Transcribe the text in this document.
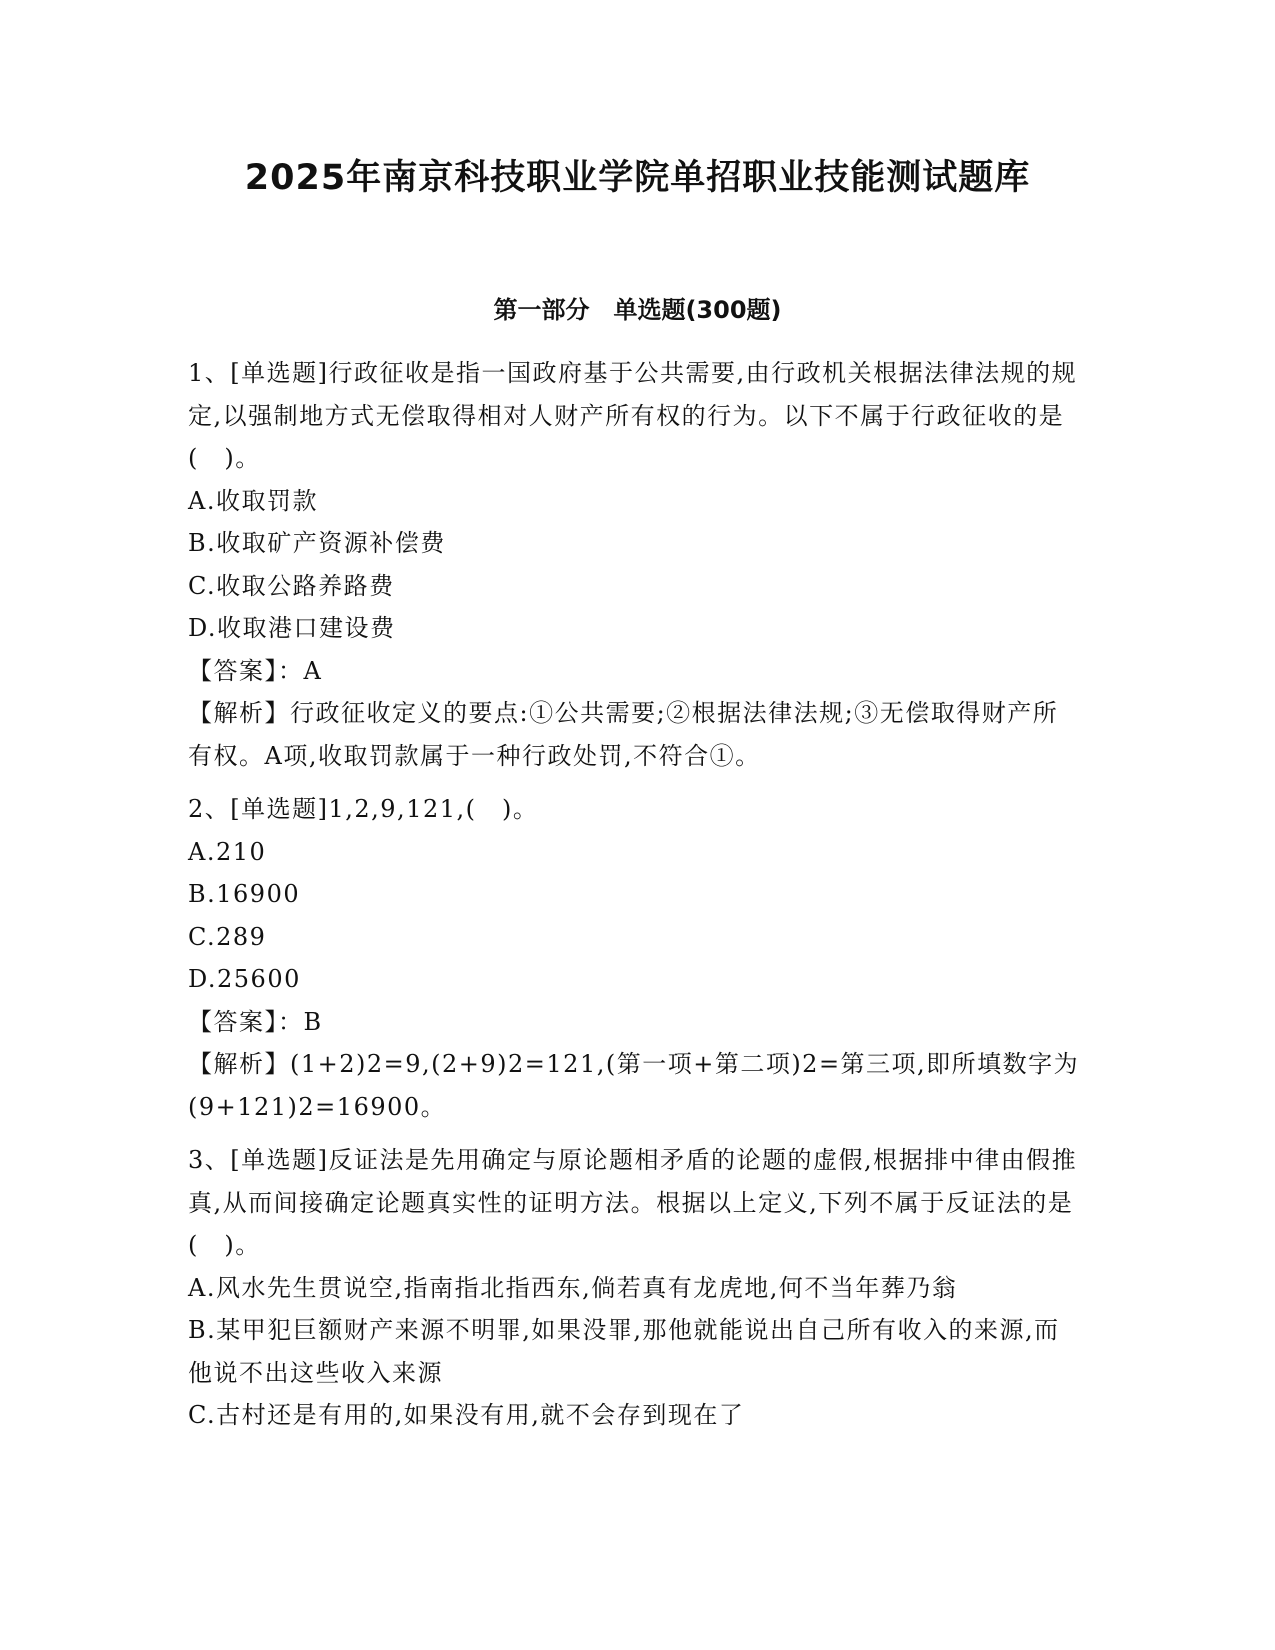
2025年南京科技职业学院单招职业技能测试题库
第一部分　单选题(300题)

1、[单选题]行政征收是指一国政府基于公共需要,由行政机关根据法律法规的规定,以强制地方式无偿取得相对人财产所有权的行为。以下不属于行政征收的是(　)。

A.收取罚款

B.收取矿产资源补偿费

C.收取公路养路费

D.收取港口建设费

【答案】：A

【解析】行政征收定义的要点:①公共需要;②根据法律法规;③无偿取得财产所有权。A项,收取罚款属于一种行政处罚,不符合①。

2、[单选题]1,2,9,121,(　)。

A.210

B.16900

C.289

D.25600

【答案】：B

【解析】(1+2)2=9,(2+9)2=121,(第一项+第二项)2=第三项,即所填数字为(9+121)2=16900。

3、[单选题]反证法是先用确定与原论题相矛盾的论题的虚假,根据排中律由假推真,从而间接确定论题真实性的证明方法。根据以上定义,下列不属于反证法的是(　)。

A.风水先生贯说空,指南指北指西东,倘若真有龙虎地,何不当年葬乃翁

B.某甲犯巨额财产来源不明罪,如果没罪,那他就能说出自己所有收入的来源,而他说不出这些收入来源

C.古村还是有用的,如果没有用,就不会存到现在了
